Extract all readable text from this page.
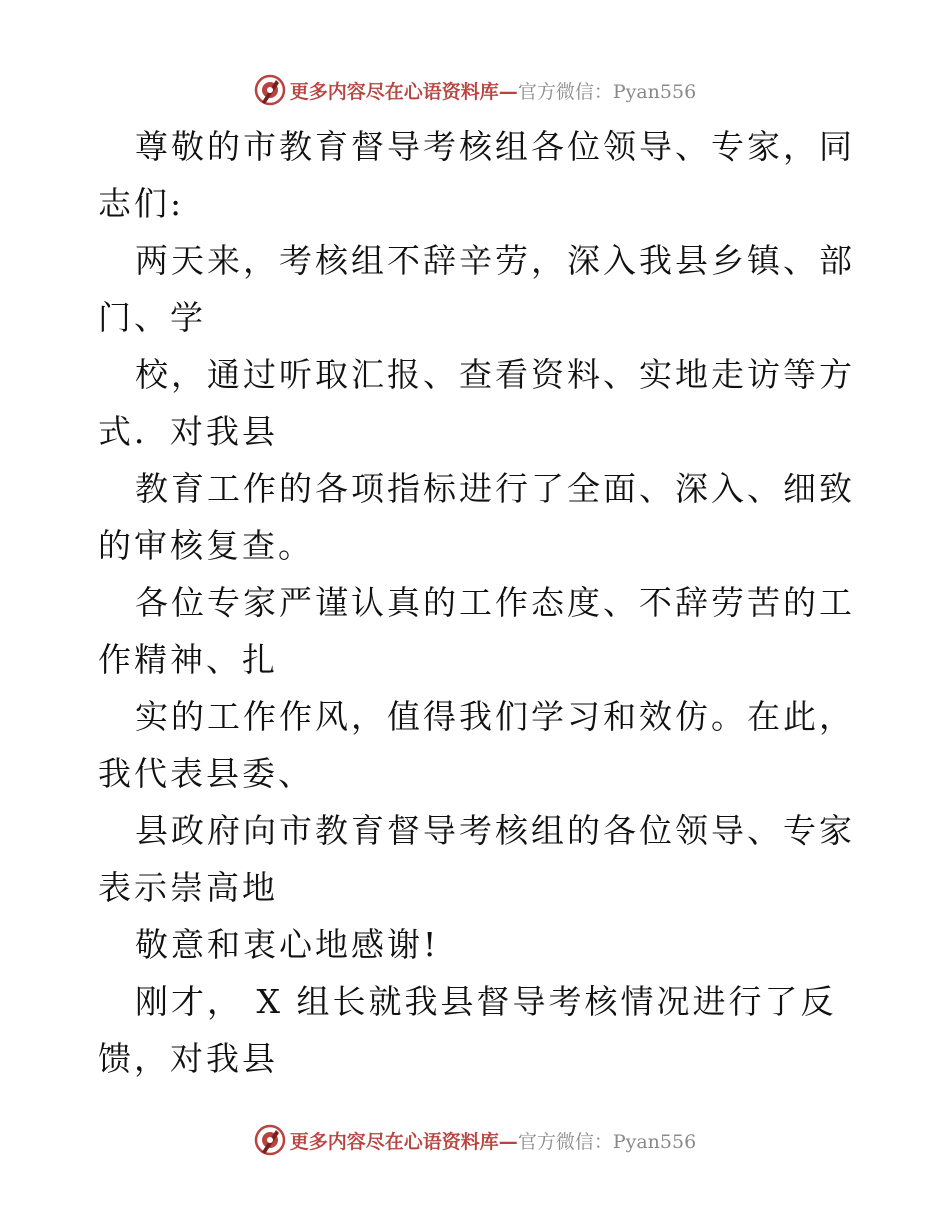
更多内容尽在心语资料库—官方微信：Pyan556

尊敬的市教育督导考核组各位领导、专家，同志们:

两天来，考核组不辞辛劳，深入我县乡镇、部门、学

校，通过听取汇报、查看资料、实地走访等方式．对我县

教育工作的各项指标进行了全面、深入、细致的审核复查。

各位专家严谨认真的工作态度、不辞劳苦的工作精神、扎

实的工作作风，值得我们学习和效仿。在此，我代表县委、

县政府向市教育督导考核组的各位领导、专家表示崇高地

敬意和衷心地感谢!

刚才， X 组长就我县督导考核情况进行了反馈，对我县

更多内容尽在心语资料库—官方微信：Pyan556
